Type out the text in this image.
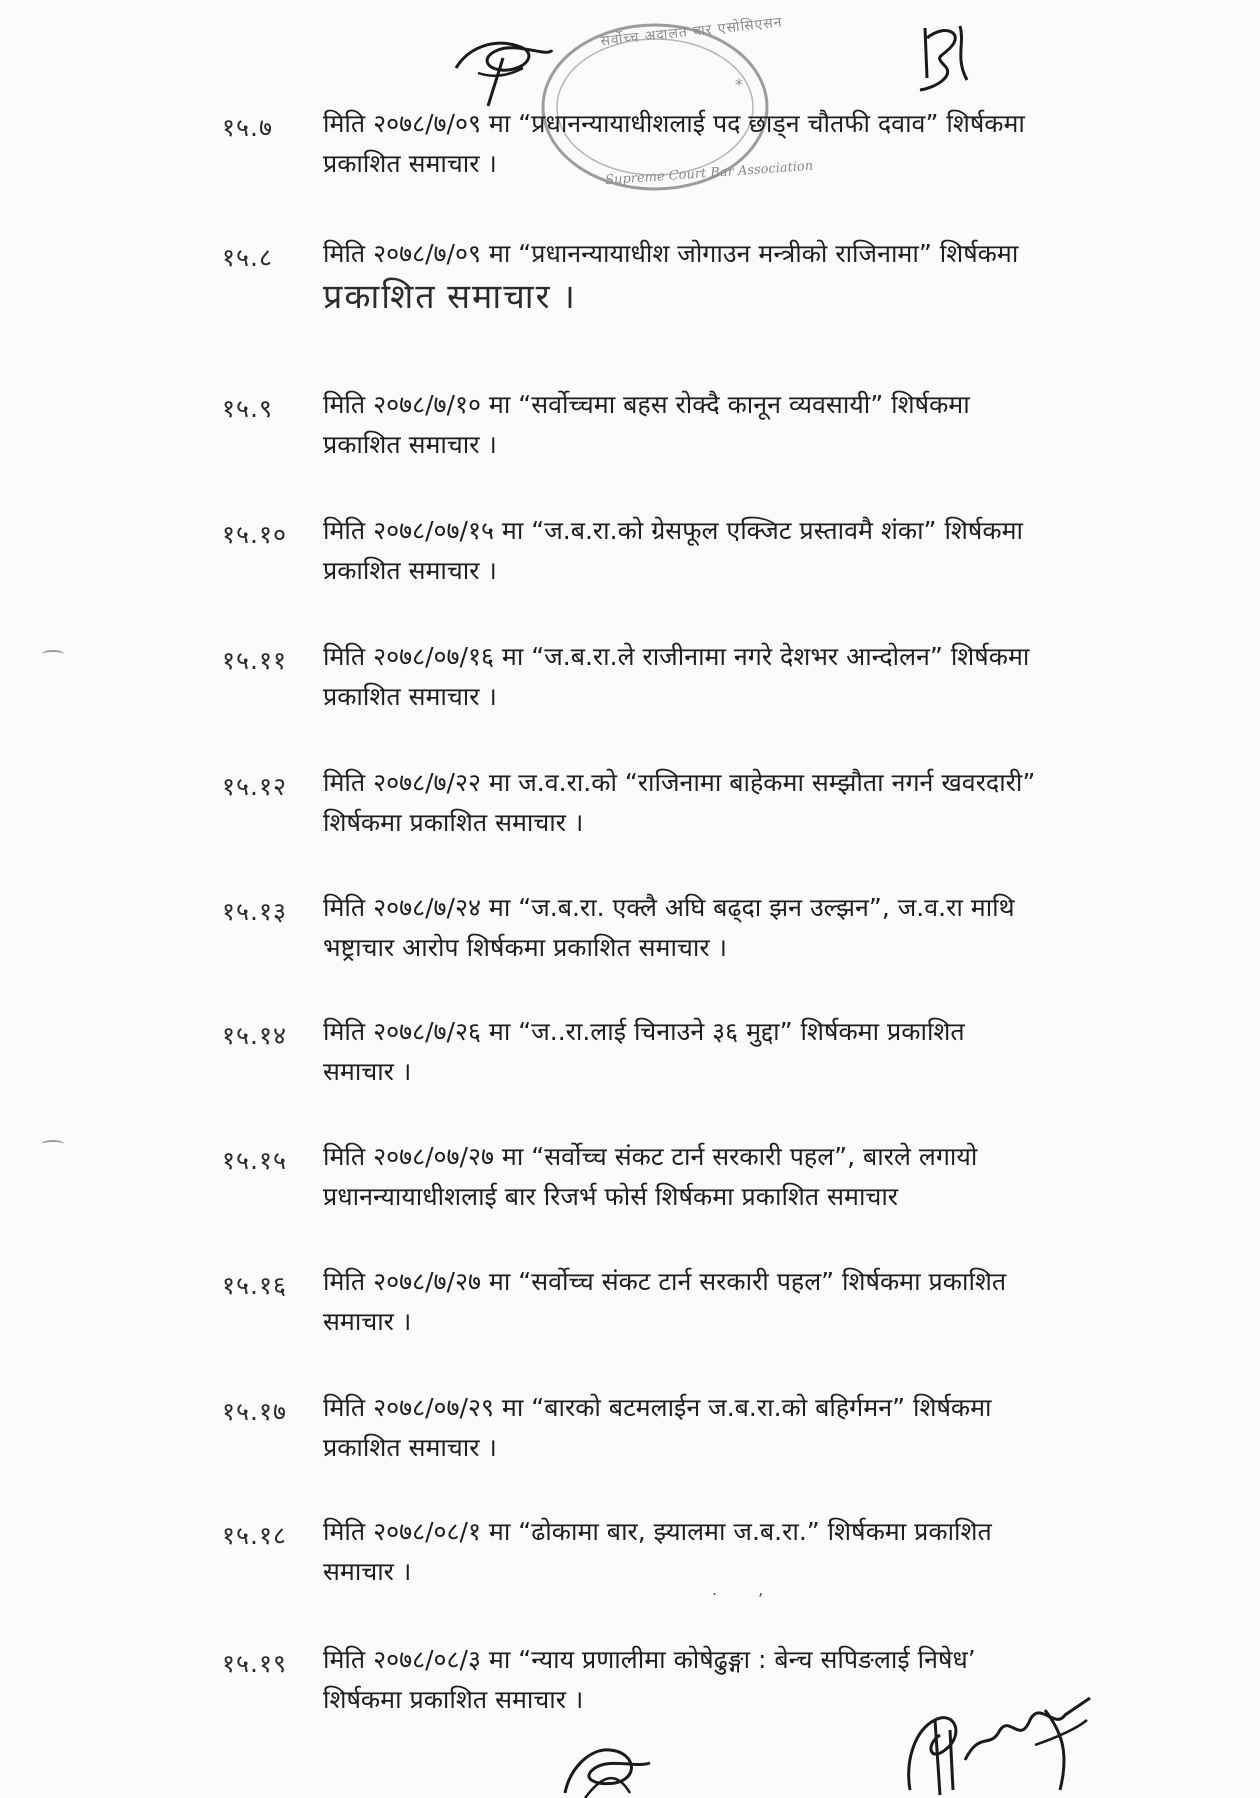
*
सर्वोच्च अदालत बार एसोसिएसन
Supreme Court Bar Association
१५.७ मिति २०७८/७/०९ मा “प्रधानन्यायाधीशलाई पद छाड्न चौतफी दवाव” शिर्षकमा
प्रकाशित समाचार ।
१५.८ मिति २०७८/७/०९ मा “प्रधानन्यायाधीश जोगाउन मन्त्रीको राजिनामा” शिर्षकमा
प्रकाशित समाचार ।
१५.९ मिति २०७८/७/१० मा “सर्वोच्चमा बहस रोक्दै कानून व्यवसायी” शिर्षकमा
प्रकाशित समाचार ।
१५.१० मिति २०७८/०७/१५ मा “ज.ब.रा.को ग्रेसफूल एक्जिट प्रस्तावमै शंका” शिर्षकमा
प्रकाशित समाचार ।
१५.११ मिति २०७८/०७/१६ मा “ज.ब.रा.ले राजीनामा नगरे देशभर आन्दोलन” शिर्षकमा
प्रकाशित समाचार ।
१५.१२ मिति २०७८/७/२२ मा ज.व.रा.को “राजिनामा बाहेकमा सम्झौता नगर्न खवरदारी”
शिर्षकमा प्रकाशित समाचार ।
१५.१३ मिति २०७८/७/२४ मा “ज.ब.रा. एक्लै अघि बढ्दा झन उल्झन”, ज.व.रा माथि
भष्ट्राचार आरोप शिर्षकमा प्रकाशित समाचार ।
१५.१४ मिति २०७८/७/२६ मा “ज..रा.लाई चिनाउने ३६ मुद्दा” शिर्षकमा प्रकाशित
समाचार ।
१५.१५ मिति २०७८/०७/२७ मा “सर्वोच्च संकट टार्न सरकारी पहल”, बारले लगायो
प्रधानन्यायाधीशलाई बार रिजर्भ फोर्स शिर्षकमा प्रकाशित समाचार
१५.१६ मिति २०७८/७/२७ मा “सर्वोच्च संकट टार्न सरकारी पहल” शिर्षकमा प्रकाशित
समाचार ।
१५.१७ मिति २०७८/०७/२९ मा “बारको बटमलाईन ज.ब.रा.को बहिर्गमन” शिर्षकमा
प्रकाशित समाचार ।
१५.१८ मिति २०७८/०८/१ मा “ढोकामा बार, झ्यालमा ज.ब.रा.” शिर्षकमा प्रकाशित
समाचार ।
. ,
१५.१९ मिति २०७८/०८/३ मा “न्याय प्रणालीमा कोषेढुङ्गा : बेन्च सपिङलाई निषेध’
शिर्षकमा प्रकाशित समाचार ।
